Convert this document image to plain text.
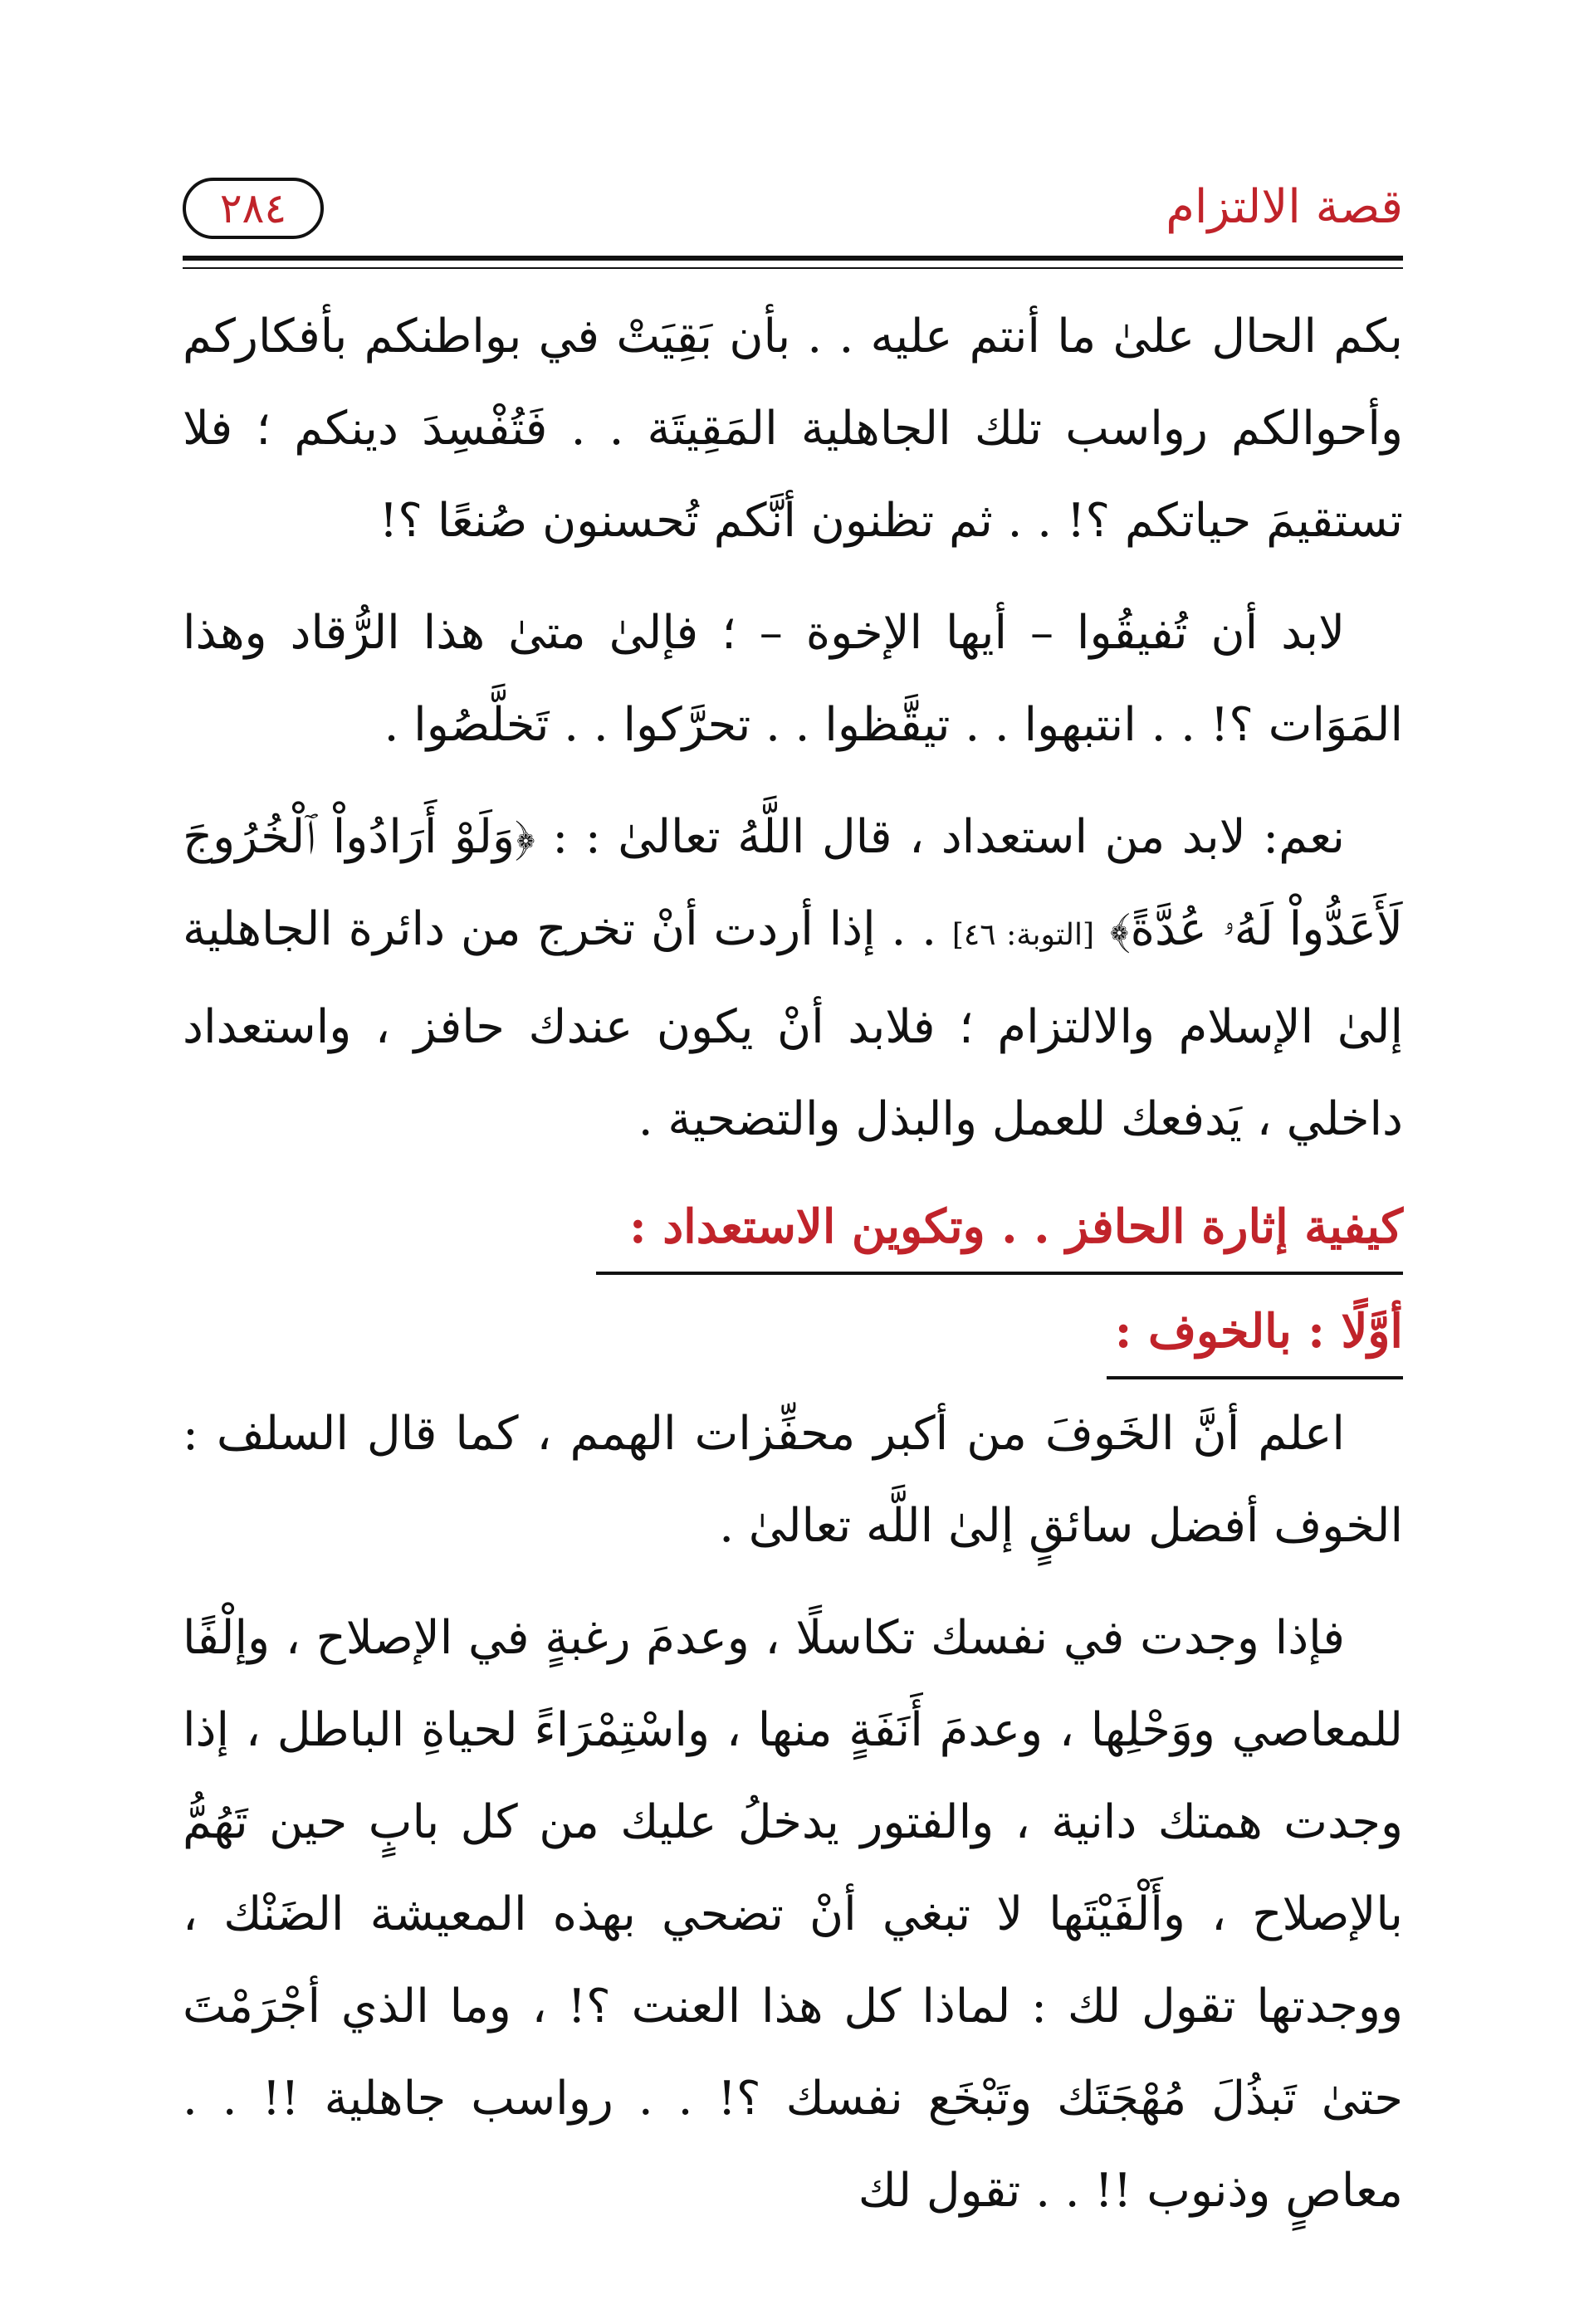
قصة الالتزام
٢٨٤

بكم الحال علىٰ ما أنتم عليه . . بأن بَقِيَتْ في بواطنكم بأفكاركم وأحوالكم رواسب تلك الجاهلية المَقِيتَة . . فَتُفْسِدَ دينكم ؛ فلا تستقيمَ حياتكم ؟! . . ثم تظنون أنَّكم تُحسنون صُنعًا ؟!

لابد أن تُفيقُوا – أيها الإخوة – ؛ فإلىٰ متىٰ هذا الرُّقاد وهذا المَوَات ؟! . . انتبهوا . . تيقَّظوا . . تحرَّكوا . . تَخلَّصُوا .

نعم: لابد من استعداد ، قال اللَّهُ تعالىٰ : : ﴿وَلَوْ أَرَادُواْ ٱلْخُرُوجَ لَأَعَدُّواْ لَهُۥ عُدَّةً﴾ [التوبة: ٤٦] . . إذا أردت أنْ تخرج من دائرة الجاهلية إلىٰ الإسلام والالتزام ؛ فلابد أنْ يكون عندك حافز ، واستعداد داخلي ، يَدفعك للعمل والبذل والتضحية .

كيفية إثارة الحافز . . وتكوين الاستعداد :
أوَّلًا : بالخوف :

اعلم أنَّ الخَوفَ من أكبر محفِّزات الهمم ، كما قال السلف : الخوف أفضل سائقٍ إلىٰ اللَّه تعالىٰ .

فإذا وجدت في نفسك تكاسلًا ، وعدمَ رغبةٍ في الإصلاح ، وإلْفًا للمعاصي ووَحْلِها ، وعدمَ أَنَفَةٍ منها ، واسْتِمْرَاءً لحياةِ الباطل ، إذا وجدت همتك دانية ، والفتور يدخلُ عليك من كل بابٍ حين تَهُمُّ بالإصلاح ، وأَلْفَيْتَها لا تبغي أنْ تضحي بهذه المعيشة الضَنْك ، ووجدتها تقول لك : لماذا كل هذا العنت ؟! ، وما الذي أجْرَمْتَ حتىٰ تَبذُلَ مُهْجَتَك وتَبْخَع نفسك ؟! . . رواسب جاهلية !! . . معاصٍ وذنوب !! . . تقول لك
